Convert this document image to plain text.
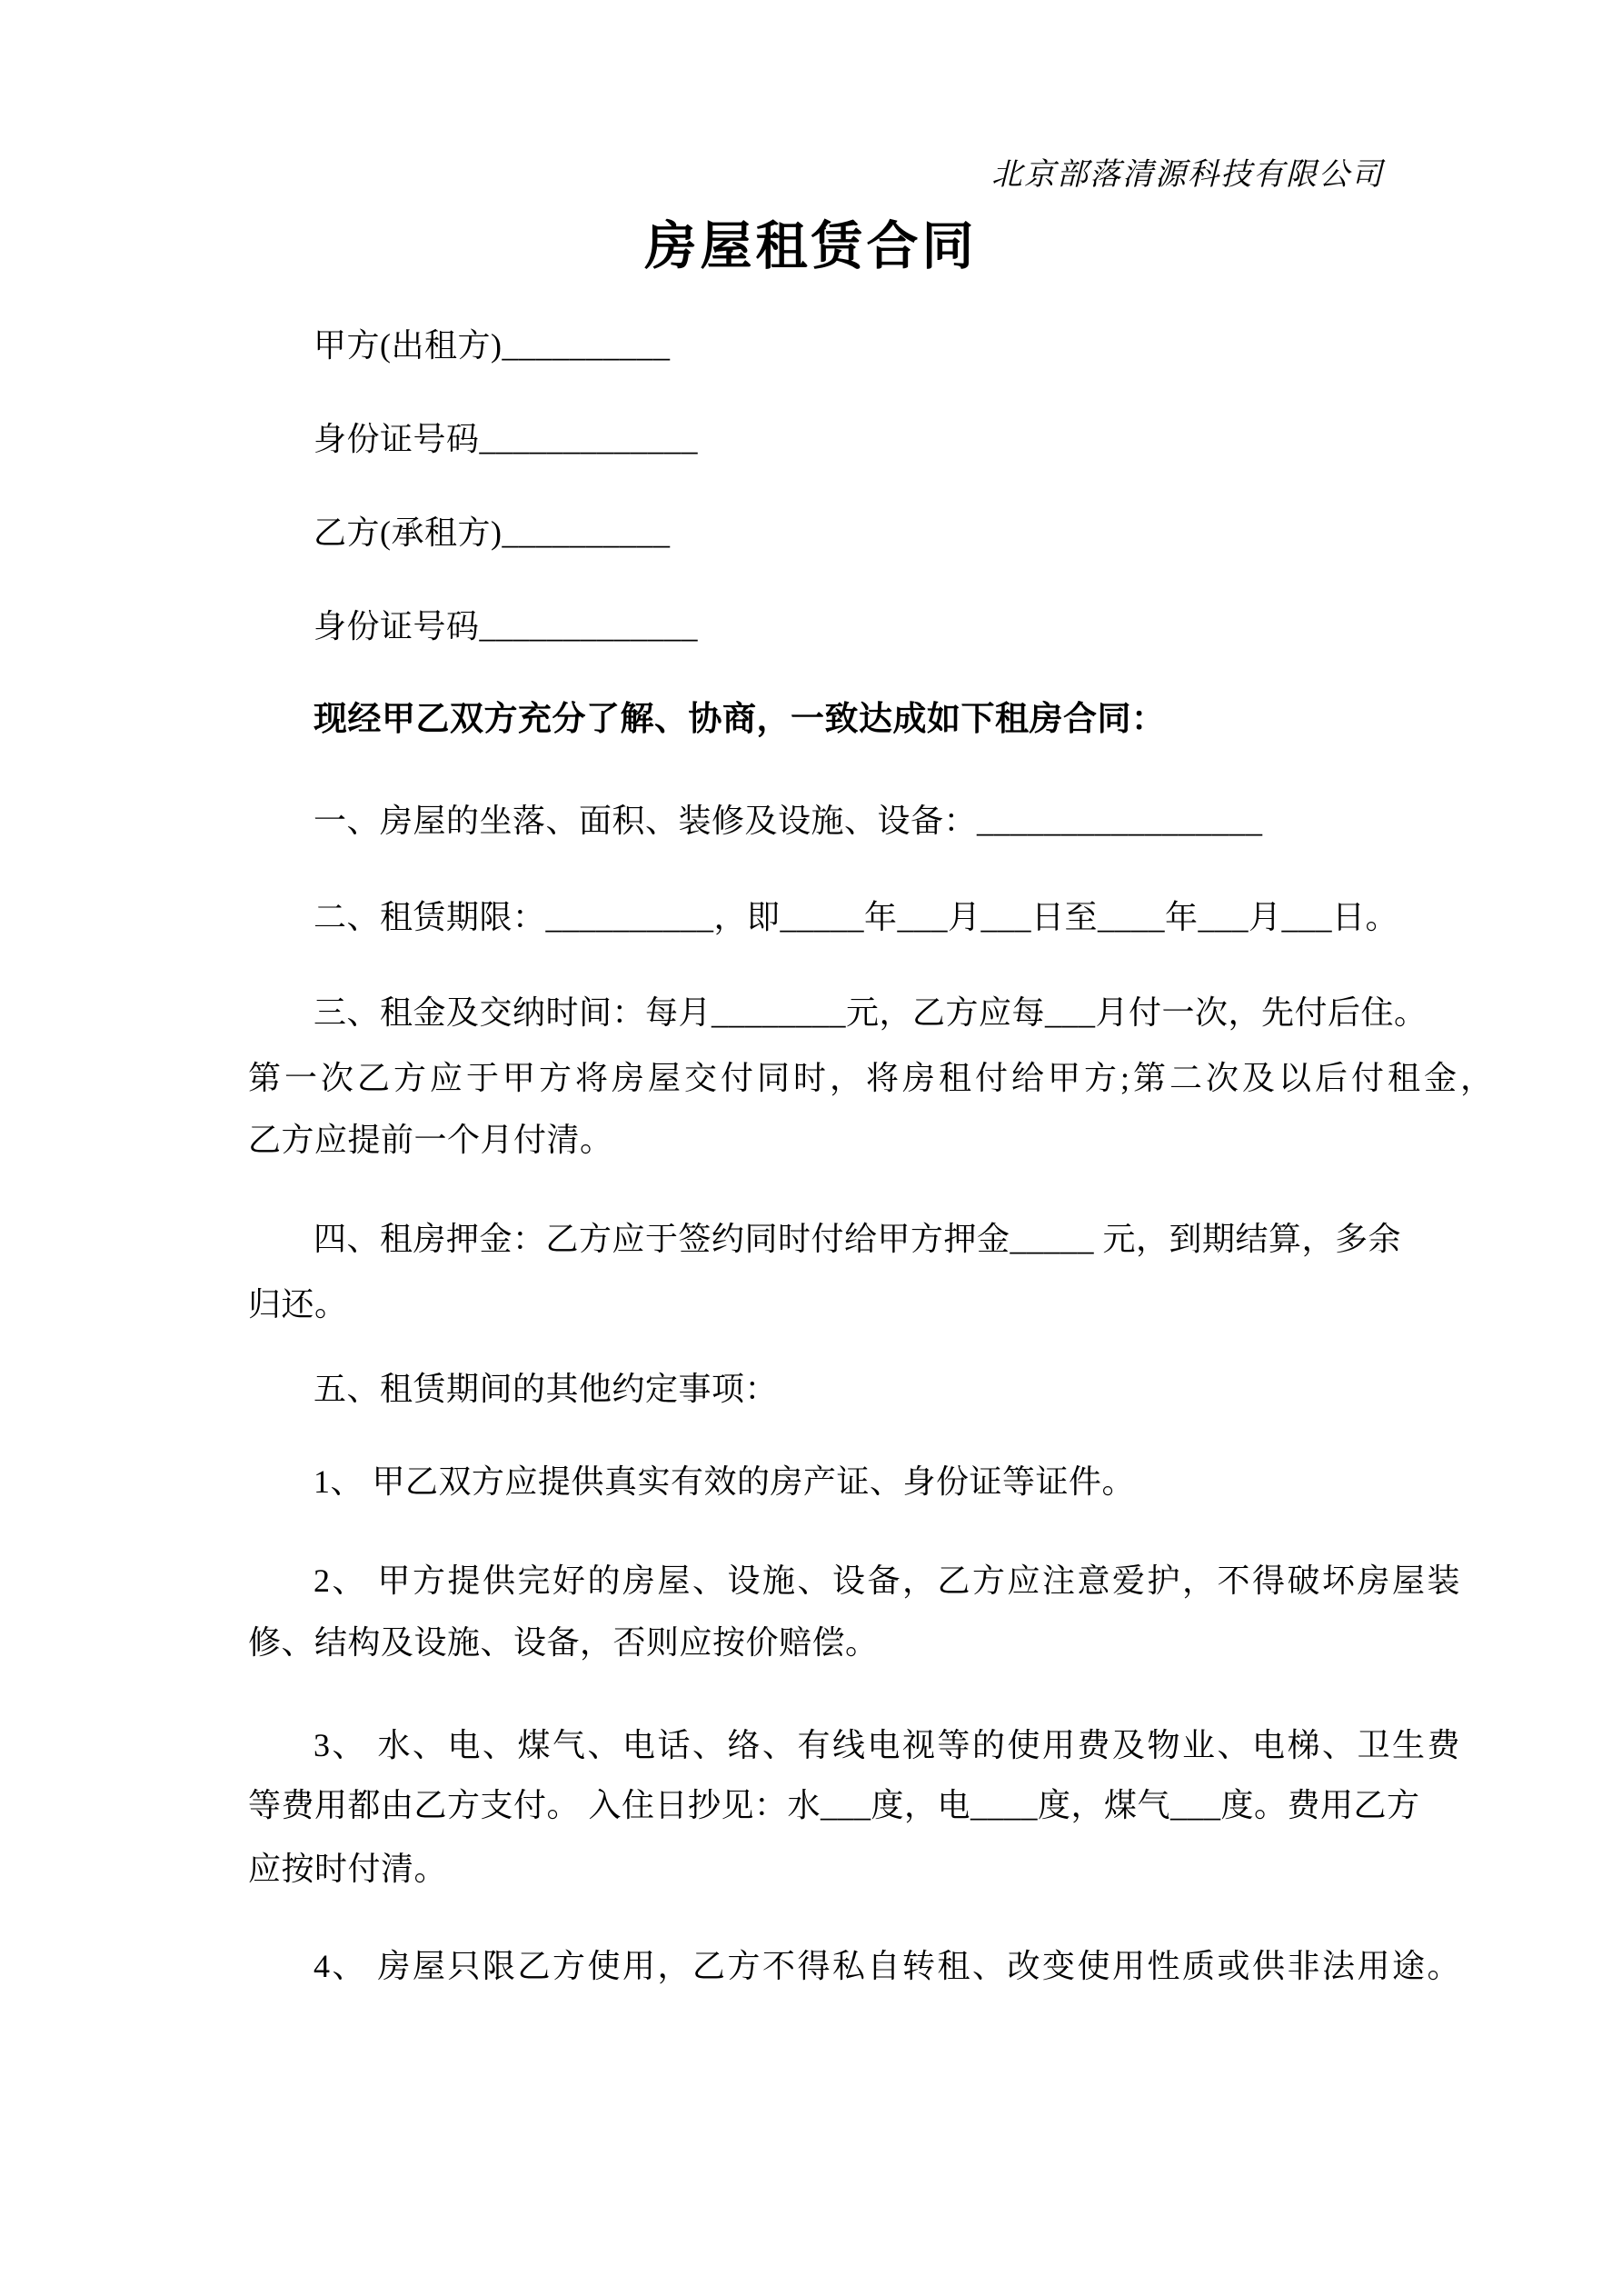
北京部落清源科技有限公司
房屋租赁合同
甲方(出租方)__________
身份证号码_____________
乙方(承租方)__________
身份证号码_____________
现经甲乙双方充分了解、协商，一致达成如下租房合同：
一、房屋的坐落、面积、装修及设施、设备：_________________
二、租赁期限：__________，即_____年___月___日至____年___月___日。
三、租金及交纳时间：每月________元，乙方应每___月付一次，先付后住。
第一次乙方应于甲方将房屋交付同时，将房租付给甲方;第二次及以后付租金，
乙方应提前一个月付清。
四、租房押金：乙方应于签约同时付给甲方押金_____ 元，到期结算，多余
归还。
五、租赁期间的其他约定事项：
1、 甲乙双方应提供真实有效的房产证、身份证等证件。
2、 甲方提供完好的房屋、设施、设备，乙方应注意爱护，不得破坏房屋装
修、结构及设施、设备，否则应按价赔偿。
3、 水、电、煤气、电话、络、有线电视等的使用费及物业、电梯、卫生费
等费用都由乙方支付。 入住日抄见：水___度，电____度，煤气___度。费用乙方
应按时付清。
4、 房屋只限乙方使用，乙方不得私自转租、改变使用性质或供非法用途。
